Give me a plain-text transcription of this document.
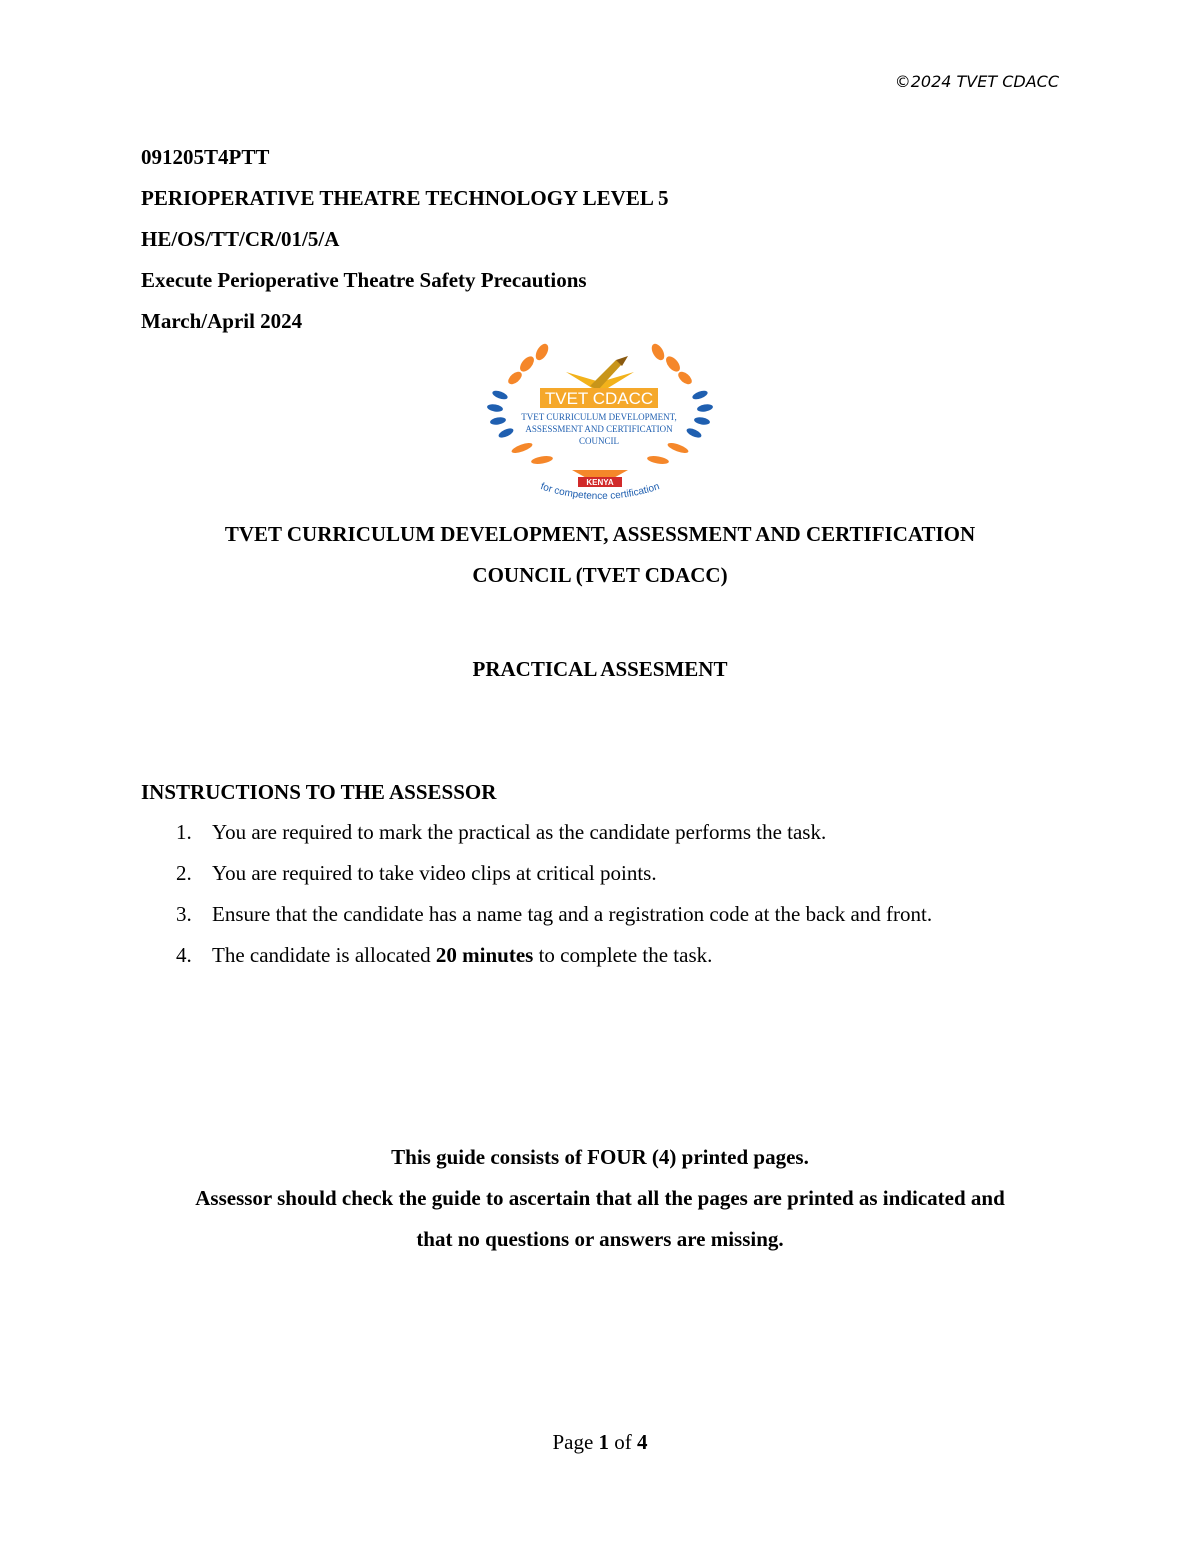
©2024 TVET CDACC

091205T4PTT

PERIOPERATIVE THEATRE TECHNOLOGY LEVEL 5

HE/OS/TT/CR/01/5/A

Execute Perioperative Theatre Safety Precautions

March/April 2024

TVET CDACC
TVET CURRICULUM DEVELOPMENT,
ASSESSMENT AND CERTIFICATION
COUNCIL
KENYA
for competence certification

TVET CURRICULUM DEVELOPMENT, ASSESSMENT AND CERTIFICATION

COUNCIL (TVET CDACC)

PRACTICAL ASSESMENT

INSTRUCTIONS TO THE ASSESSOR

1. You are required to mark the practical as the candidate performs the task.
2. You are required to take video clips at critical points.
3. Ensure that the candidate has a name tag and a registration code at the back and front.
4. The candidate is allocated 20 minutes to complete the task.

This guide consists of FOUR (4) printed pages.

Assessor should check the guide to ascertain that all the pages are printed as indicated and

that no questions or answers are missing.

Page 1 of 4
